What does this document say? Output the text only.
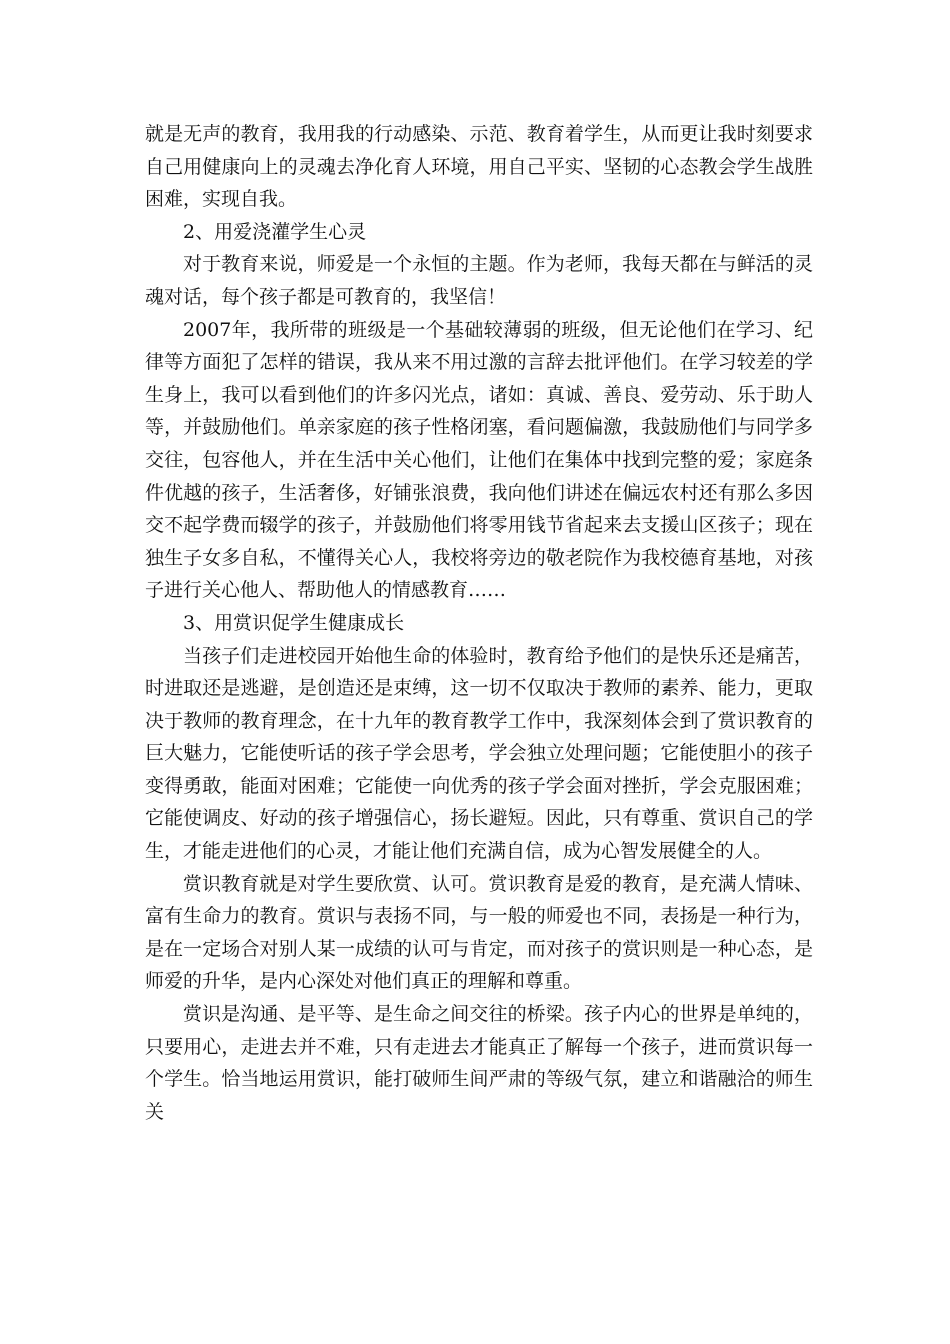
就是无声的教育，我用我的行动感染、示范、教育着学生，从而更让我时刻要求自己用健康向上的灵魂去净化育人环境，用自己平实、坚韧的心态教会学生战胜困难，实现自我。

2、用爱浇灌学生心灵

对于教育来说，师爱是一个永恒的主题。作为老师，我每天都在与鲜活的灵魂对话，每个孩子都是可教育的，我坚信！

2007年，我所带的班级是一个基础较薄弱的班级，但无论他们在学习、纪律等方面犯了怎样的错误，我从来不用过激的言辞去批评他们。在学习较差的学生身上，我可以看到他们的许多闪光点，诸如：真诚、善良、爱劳动、乐于助人等，并鼓励他们。单亲家庭的孩子性格闭塞，看问题偏激，我鼓励他们与同学多交往，包容他人，并在生活中关心他们，让他们在集体中找到完整的爱；家庭条件优越的孩子，生活奢侈，好铺张浪费，我向他们讲述在偏远农村还有那么多因交不起学费而辍学的孩子，并鼓励他们将零用钱节省起来去支援山区孩子；现在独生子女多自私，不懂得关心人，我校将旁边的敬老院作为我校德育基地，对孩子进行关心他人、帮助他人的情感教育……

3、用赏识促学生健康成长

当孩子们走进校园开始他生命的体验时，教育给予他们的是快乐还是痛苦，时进取还是逃避，是创造还是束缚，这一切不仅取决于教师的素养、能力，更取决于教师的教育理念，在十九年的教育教学工作中，我深刻体会到了赏识教育的巨大魅力，它能使听话的孩子学会思考，学会独立处理问题；它能使胆小的孩子变得勇敢，能面对困难；它能使一向优秀的孩子学会面对挫折，学会克服困难；它能使调皮、好动的孩子增强信心，扬长避短。因此，只有尊重、赏识自己的学生，才能走进他们的心灵，才能让他们充满自信，成为心智发展健全的人。

赏识教育就是对学生要欣赏、认可。赏识教育是爱的教育，是充满人情味、富有生命力的教育。赏识与表扬不同，与一般的师爱也不同，表扬是一种行为，是在一定场合对别人某一成绩的认可与肯定，而对孩子的赏识则是一种心态，是师爱的升华，是内心深处对他们真正的理解和尊重。

赏识是沟通、是平等、是生命之间交往的桥梁。孩子内心的世界是单纯的，只要用心，走进去并不难，只有走进去才能真正了解每一个孩子，进而赏识每一个学生。恰当地运用赏识，能打破师生间严肃的等级气氛，建立和谐融洽的师生关
